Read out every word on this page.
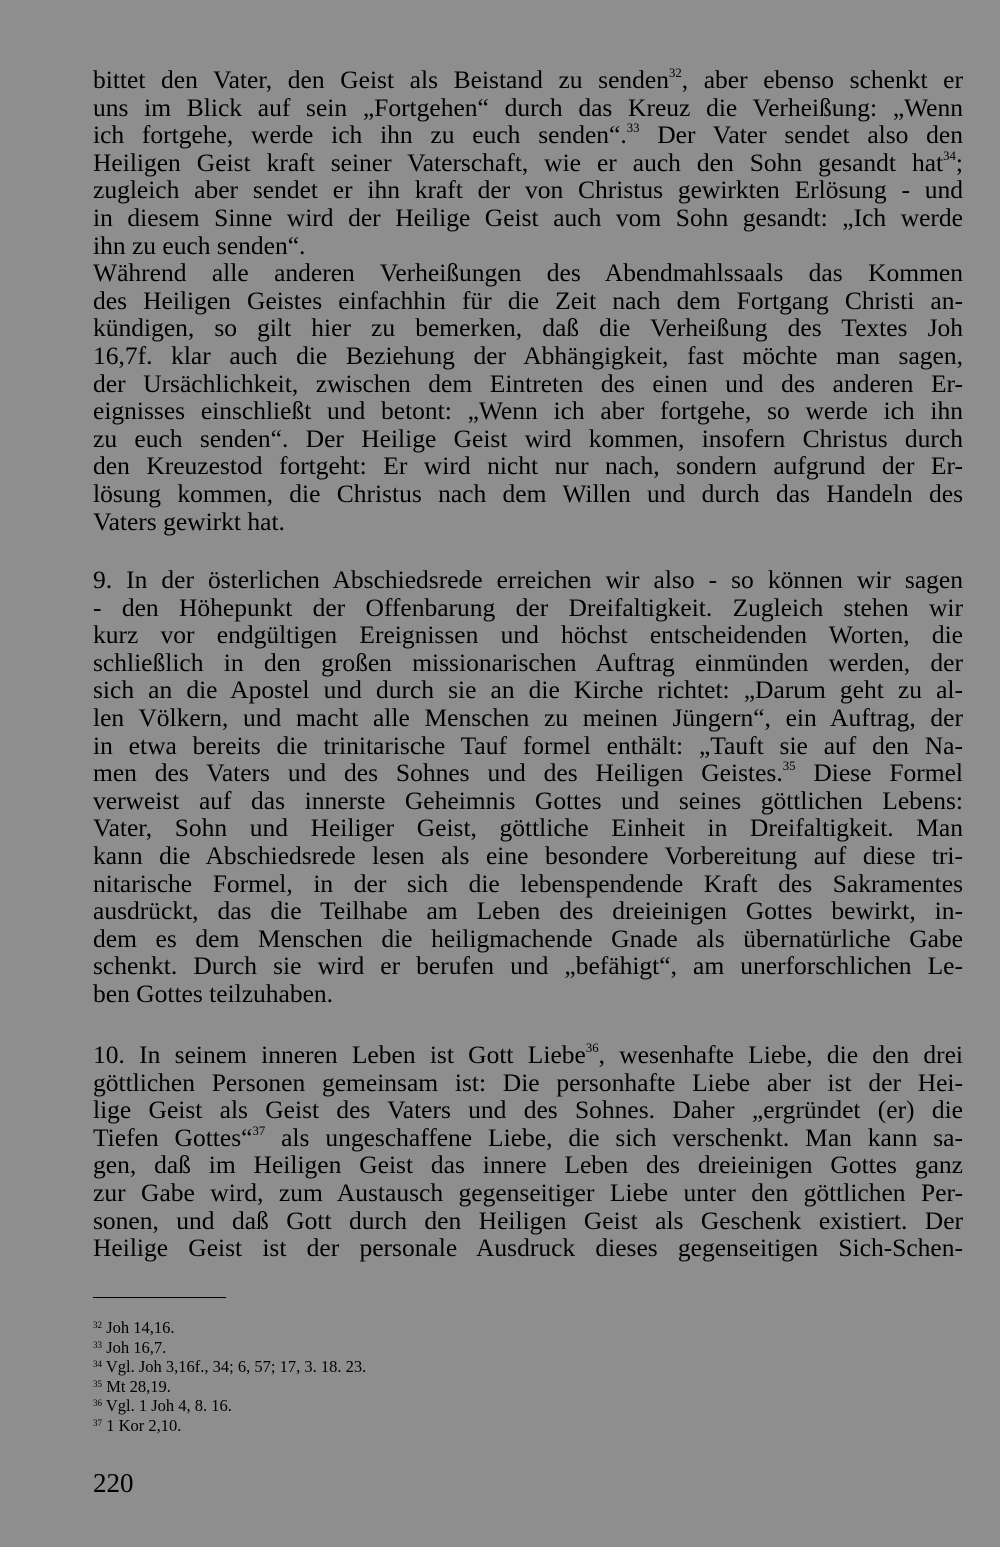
bittet den Vater, den Geist als Beistand zu senden$^{32}$, aber ebenso schenkt er
uns im Blick auf sein „Fortgehen“ durch das Kreuz die Verheißung: „Wenn
ich fortgehe, werde ich ihn zu euch senden“.$^{33}$ Der Vater sendet also den
Heiligen Geist kraft seiner Vaterschaft, wie er auch den Sohn gesandt hat$^{34}$;
zugleich aber sendet er ihn kraft der von Christus gewirkten Erlösung - und
in diesem Sinne wird der Heilige Geist auch vom Sohn gesandt: „Ich werde
ihn zu euch senden“.
Während alle anderen Verheißungen des Abendmahlssaals das Kommen
des Heiligen Geistes einfachhin für die Zeit nach dem Fortgang Christi an-
kündigen, so gilt hier zu bemerken, daß die Verheißung des Textes Joh
16,7f. klar auch die Beziehung der Abhängigkeit, fast möchte man sagen,
der Ursächlichkeit, zwischen dem Eintreten des einen und des anderen Er-
eignisses einschließt und betont: „Wenn ich aber fortgehe, so werde ich ihn
zu euch senden“. Der Heilige Geist wird kommen, insofern Christus durch
den Kreuzestod fortgeht: Er wird nicht nur nach, sondern aufgrund der Er-
lösung kommen, die Christus nach dem Willen und durch das Handeln des
Vaters gewirkt hat.
9. In der österlichen Abschiedsrede erreichen wir also - so können wir sagen
- den Höhepunkt der Offenbarung der Dreifaltigkeit. Zugleich stehen wir
kurz vor endgültigen Ereignissen und höchst entscheidenden Worten, die
schließlich in den großen missionarischen Auftrag einmünden werden, der
sich an die Apostel und durch sie an die Kirche richtet: „Darum geht zu al-
len Völkern, und macht alle Menschen zu meinen Jüngern“, ein Auftrag, der
in etwa bereits die trinitarische Tauf formel enthält: „Tauft sie auf den Na-
men des Vaters und des Sohnes und des Heiligen Geistes.$^{35}$ Diese Formel
verweist auf das innerste Geheimnis Gottes und seines göttlichen Lebens:
Vater, Sohn und Heiliger Geist, göttliche Einheit in Dreifaltigkeit. Man
kann die Abschiedsrede lesen als eine besondere Vorbereitung auf diese tri-
nitarische Formel, in der sich die lebenspendende Kraft des Sakramentes
ausdrückt, das die Teilhabe am Leben des dreieinigen Gottes bewirkt, in-
dem es dem Menschen die heiligmachende Gnade als übernatürliche Gabe
schenkt. Durch sie wird er berufen und „befähigt“, am unerforschlichen Le-
ben Gottes teilzuhaben.
10. In seinem inneren Leben ist Gott Liebe$^{36}$, wesenhafte Liebe, die den drei
göttlichen Personen gemeinsam ist: Die personhafte Liebe aber ist der Hei-
lige Geist als Geist des Vaters und des Sohnes. Daher „ergründet (er) die
Tiefen Gottes“$^{37}$ als ungeschaffene Liebe, die sich verschenkt. Man kann sa-
gen, daß im Heiligen Geist das innere Leben des dreieinigen Gottes ganz
zur Gabe wird, zum Austausch gegenseitiger Liebe unter den göttlichen Per-
sonen, und daß Gott durch den Heiligen Geist als Geschenk existiert. Der
Heilige Geist ist der personale Ausdruck dieses gegenseitigen Sich-Schen-
$^{32}$ Joh 14,16.
$^{33}$ Joh 16,7.
$^{34}$ Vgl. Joh 3,16f., 34; 6, 57; 17, 3. 18. 23.
$^{35}$ Mt 28,19.
$^{36}$ Vgl. 1 Joh 4, 8. 16.
$^{37}$ 1 Kor 2,10.
220
